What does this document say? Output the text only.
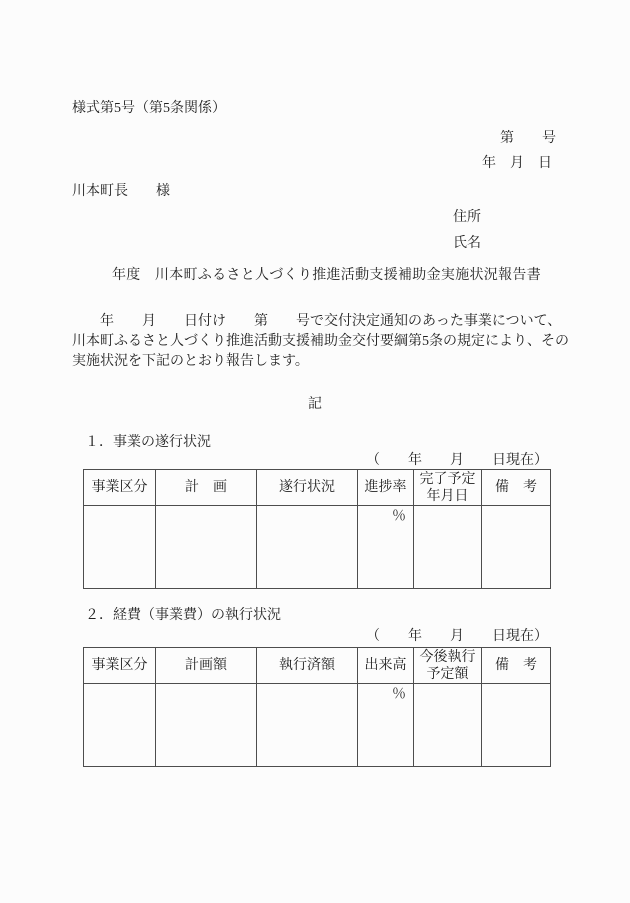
様式第5号（第5条関係）
第　　号
年　月　日
川本町長　　様
住所
氏名
年度　川本町ふるさと人づくり推進活動支援補助金実施状況報告書
　　年　　月　　日付け　　第　　号で交付決定通知のあった事業について、
川本町ふるさと人づくり推進活動支援補助金交付要綱第5条の規定により、その
実施状況を下記のとおり報告します。
記
１．事業の遂行状況
（　　年　　月　　日現在）
事業区分	計　画	遂行状況	進捗率	完了予定年月日	備　考
			％		
２．経費（事業費）の執行状況
（　　年　　月　　日現在）
事業区分	計画額	執行済額	出来高	今後執行予定額	備　考
			％		
